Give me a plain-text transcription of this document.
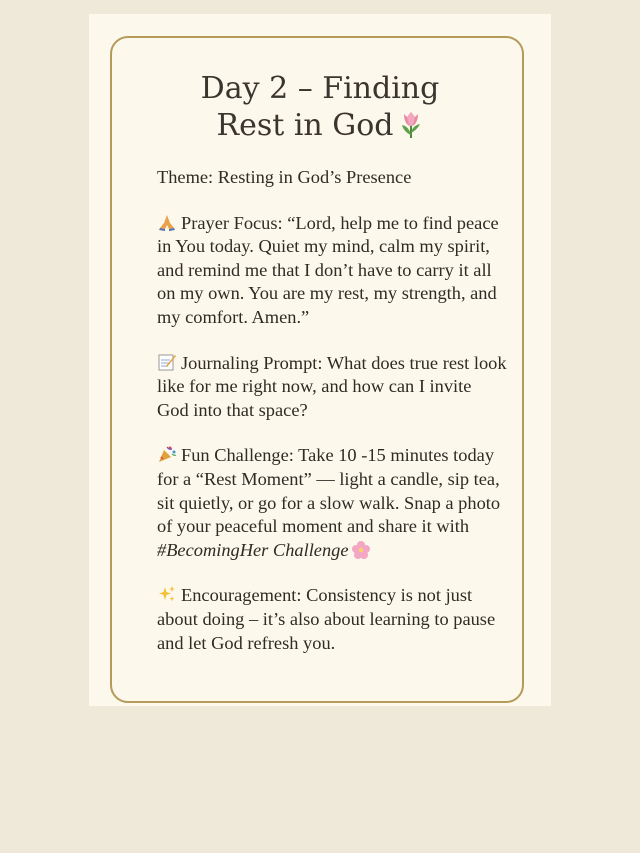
Day 2 – Finding
Rest in God

Theme: Resting in God’s Presence

Prayer Focus: “Lord, help me to find peace in You today. Quiet my mind, calm my spirit, and remind me that I don’t have to carry it all on my own. You are my rest, my strength, and my comfort. Amen.”

Journaling Prompt: What does true rest look like for me right now, and how can I invite God into that space?

Fun Challenge: Take 10 -15 minutes today for a “Rest Moment” — light a candle, sip tea, sit quietly, or go for a slow walk. Snap a photo of your peaceful moment and share it with #BecomingHer Challenge

Encouragement: Consistency is not just about doing – it’s also about learning to pause and let God refresh you.
